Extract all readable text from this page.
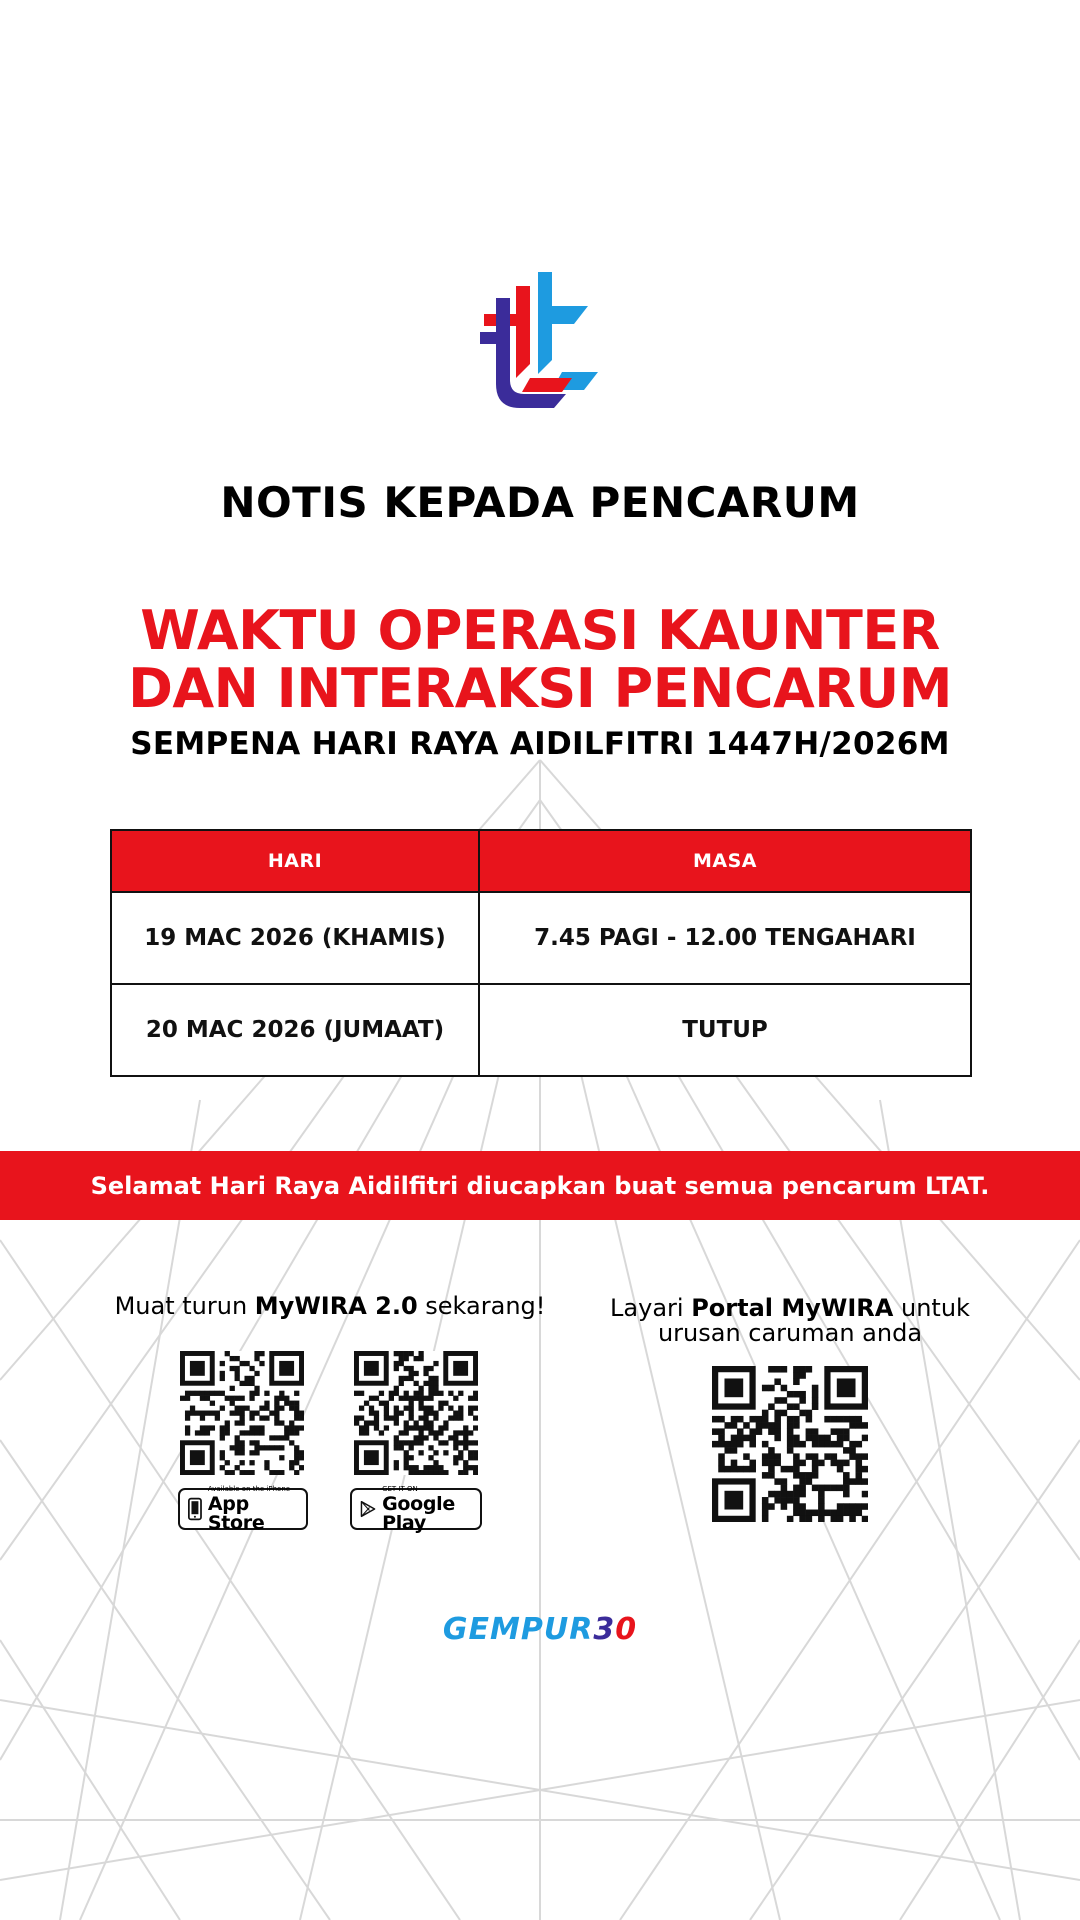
NOTIS KEPADA PENCARUM
WAKTU OPERASI KAUNTER
DAN INTERAKSI PENCARUM
SEMPENA HARI RAYA AIDILFITRI 1447H/2026M
HARI	MASA
19 MAC 2026 (KHAMIS)	7.45 PAGI - 12.00 TENGAHARI
20 MAC 2026 (JUMAAT)	TUTUP
Selamat Hari Raya Aidilfitri diucapkan buat semua pencarum LTAT.
Muat turun MyWIRA 2.0 sekarang!	Layari Portal MyWIRA untuk
urusan caruman anda
Available on the iPhone
App Store
GET IT ON
Google Play
GEMPUR30
